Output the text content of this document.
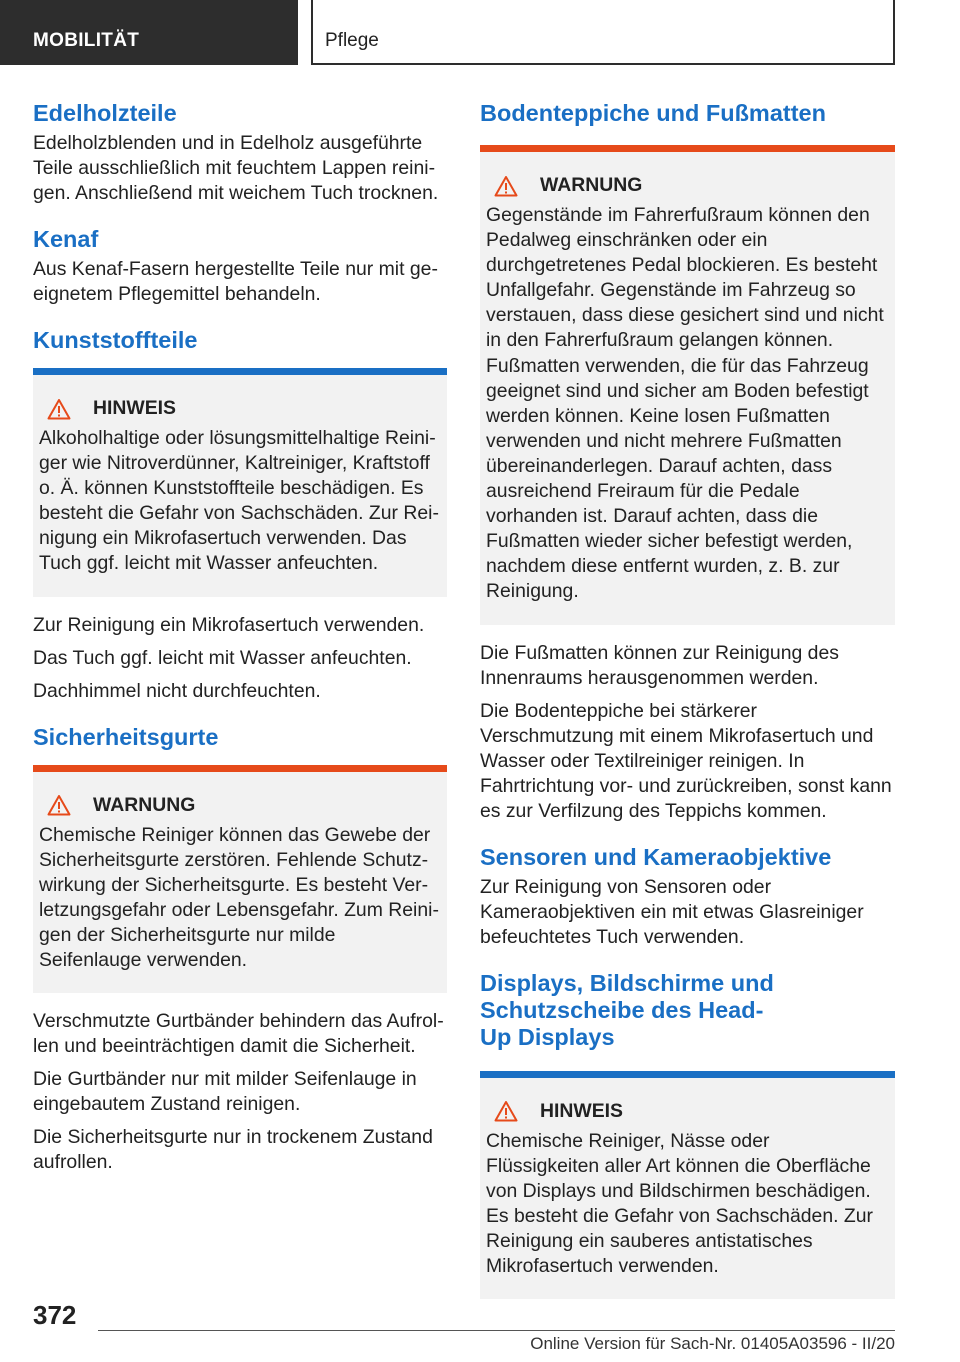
MOBILITÄT	Pflege
Edelholzteile

Edelholzblenden und in Edelholz ausgeführte Teile ausschließlich mit feuchtem Lappen reinigen. Anschließend mit weichem Tuch trocknen.

Kenaf

Aus Kenaf-Fasern hergestellte Teile nur mit geeignetem Pflegemittel behandeln.

Kunststoffteile
HINWEIS

Alkoholhaltige oder lösungsmittelhaltige Reiniger wie Nitroverdünner, Kaltreiniger, Kraftstoff o. Ä. können Kunststoffteile beschädigen. Es besteht die Gefahr von Sachschäden. Zur Reinigung ein Mikrofasertuch verwenden. Das Tuch ggf. leicht mit Wasser anfeuchten.

Zur Reinigung ein Mikrofasertuch verwenden.

Das Tuch ggf. leicht mit Wasser anfeuchten.

Dachhimmel nicht durchfeuchten.

Sicherheitsgurte
WARNUNG

Chemische Reiniger können das Gewebe der Sicherheitsgurte zerstören. Fehlende Schutzwirkung der Sicherheitsgurte. Es besteht Verletzungsgefahr oder Lebensgefahr. Zum Reinigen der Sicherheitsgurte nur milde Seifenlauge verwenden.

Verschmutzte Gurtbänder behindern das Aufrollen und beeinträchtigen damit die Sicherheit.

Die Gurtbänder nur mit milder Seifenlauge in eingebautem Zustand reinigen.

Die Sicherheitsgurte nur in trockenem Zustand aufrollen.

Bodenteppiche und Fußmatten
WARNUNG

Gegenstände im Fahrerfußraum können den Pedalweg einschränken oder ein durchgetretenes Pedal blockieren. Es besteht Unfallgefahr. Gegenstände im Fahrzeug so verstauen, dass diese gesichert sind und nicht in den Fahrerfußraum gelangen können. Fußmatten verwenden, die für das Fahrzeug geeignet sind und sicher am Boden befestigt werden können. Keine losen Fußmatten verwenden und nicht mehrere Fußmatten übereinanderlegen. Darauf achten, dass ausreichend Freiraum für die Pedale vorhanden ist. Darauf achten, dass die Fußmatten wieder sicher befestigt werden, nachdem diese entfernt wurden, z. B. zur Reinigung.

Die Fußmatten können zur Reinigung des Innenraums herausgenommen werden.

Die Bodenteppiche bei stärkerer Verschmutzung mit einem Mikrofasertuch und Wasser oder Textilreiniger reinigen. In Fahrtrichtung vor- und zurückreiben, sonst kann es zur Verfilzung des Teppichs kommen.

Sensoren und Kameraobjektive

Zur Reinigung von Sensoren oder Kameraobjektiven ein mit etwas Glasreiniger befeuchtetes Tuch verwenden.

Displays, Bildschirme und
Schutzscheibe des Head-
Up Displays
HINWEIS

Chemische Reiniger, Nässe oder Flüssigkeiten aller Art können die Oberfläche von Displays und Bildschirmen beschädigen. Es besteht die Gefahr von Sachschäden. Zur Reinigung ein sauberes antistatisches Mikrofasertuch verwenden.

372
Online Version für Sach-Nr. 01405A03596 - II/20
